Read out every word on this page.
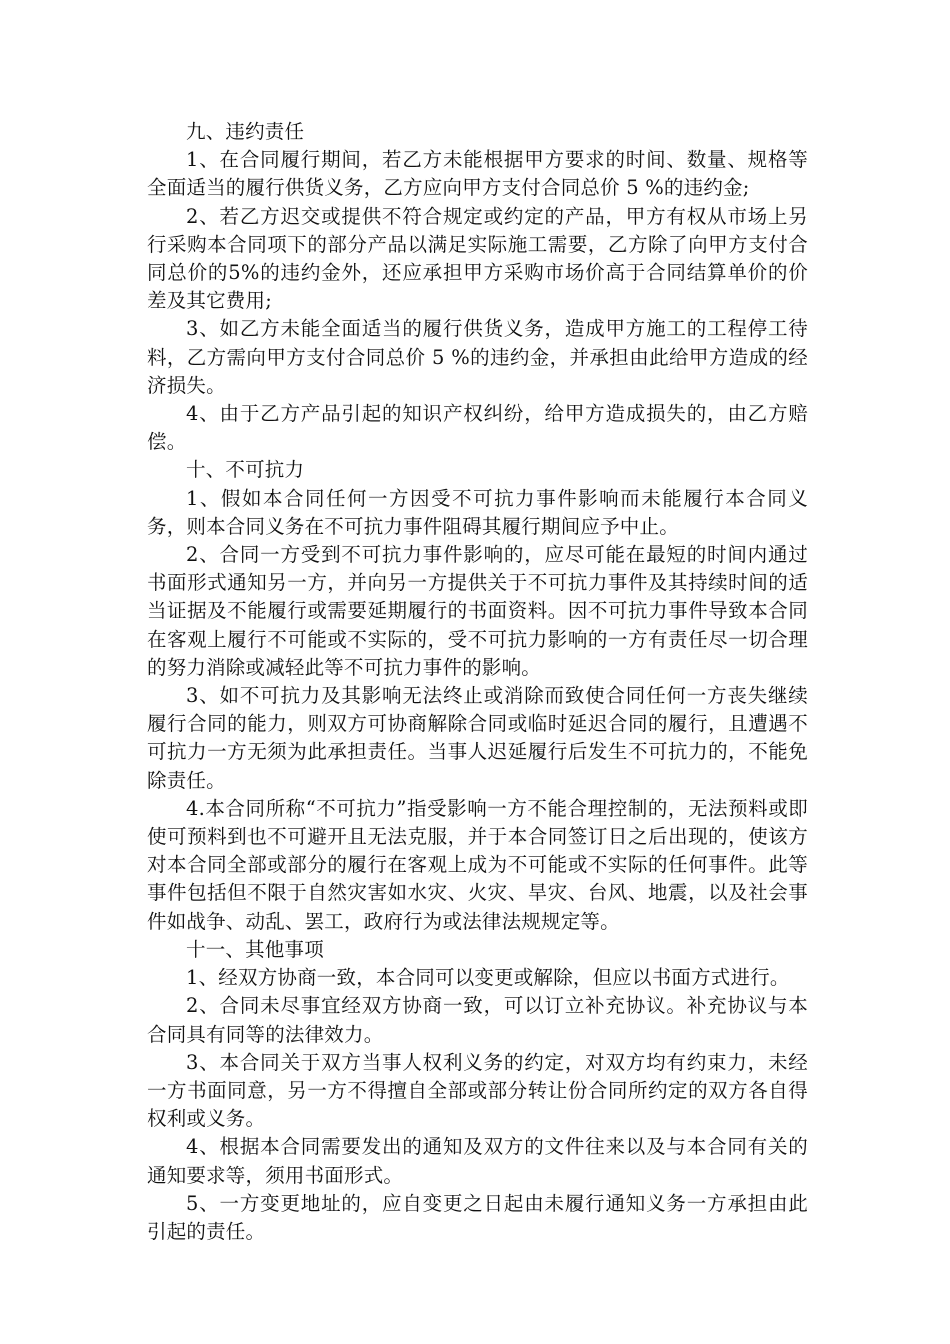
九、违约责任

1、在合同履行期间，若乙方未能根据甲方要求的时间、数量、规格等全面适当的履行供货义务，乙方应向甲方支付合同总价 5 %的违约金;

2、若乙方迟交或提供不符合规定或约定的产品，甲方有权从市场上另行采购本合同项下的部分产品以满足实际施工需要，乙方除了向甲方支付合同总价的5%的违约金外，还应承担甲方采购市场价高于合同结算单价的价差及其它费用;

3、如乙方未能全面适当的履行供货义务，造成甲方施工的工程停工待料，乙方需向甲方支付合同总价 5 %的违约金，并承担由此给甲方造成的经济损失。

4、由于乙方产品引起的知识产权纠纷，给甲方造成损失的，由乙方赔偿。

十、不可抗力

1、假如本合同任何一方因受不可抗力事件影响而未能履行本合同义务，则本合同义务在不可抗力事件阻碍其履行期间应予中止。

2、合同一方受到不可抗力事件影响的，应尽可能在最短的时间内通过书面形式通知另一方，并向另一方提供关于不可抗力事件及其持续时间的适当证据及不能履行或需要延期履行的书面资料。因不可抗力事件导致本合同在客观上履行不可能或不实际的，受不可抗力影响的一方有责任尽一切合理的努力消除或减轻此等不可抗力事件的影响。

3、如不可抗力及其影响无法终止或消除而致使合同任何一方丧失继续履行合同的能力，则双方可协商解除合同或临时延迟合同的履行，且遭遇不可抗力一方无须为此承担责任。当事人迟延履行后发生不可抗力的，不能免除责任。

4.本合同所称“不可抗力”指受影响一方不能合理控制的，无法预料或即使可预料到也不可避开且无法克服，并于本合同签订日之后出现的，使该方对本合同全部或部分的履行在客观上成为不可能或不实际的任何事件。此等事件包括但不限于自然灾害如水灾、火灾、旱灾、台风、地震，以及社会事件如战争、动乱、罢工，政府行为或法律法规规定等。

十一、其他事项

1、经双方协商一致，本合同可以变更或解除，但应以书面方式进行。

2、合同未尽事宜经双方协商一致，可以订立补充协议。补充协议与本合同具有同等的法律效力。

3、本合同关于双方当事人权利义务的约定，对双方均有约束力，未经一方书面同意，另一方不得擅自全部或部分转让份合同所约定的双方各自得权利或义务。

4、根据本合同需要发出的通知及双方的文件往来以及与本合同有关的通知要求等，须用书面形式。

5、一方变更地址的，应自变更之日起由未履行通知义务一方承担由此引起的责任。
